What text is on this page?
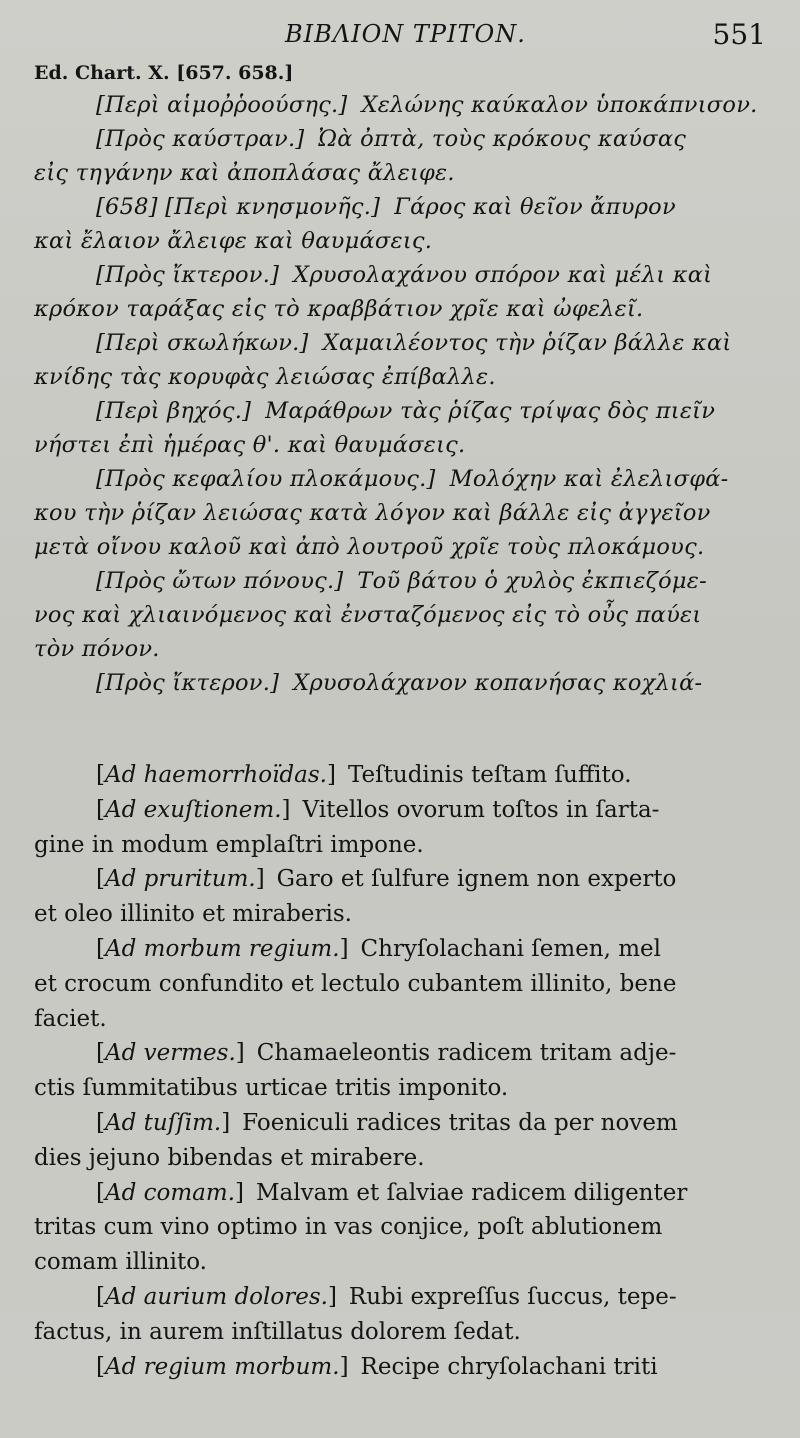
BIBΛΙΟΝ ΤΡΙΤΟΝ.	551
Ed. Chart. X. [657. 658.]

[Περὶ αἱμοῤῥοούσης.] Χελώνης καύκαλον ὑποκάπνισον.

[Πρὸς καύστραν.] Ὠὰ ὀπτὰ, τοὺς κρόκους καύσας

εἰς τηγάνην καὶ ἀποπλάσας ἄλειφε.

[658] [Περὶ κνησμονῆς.] Γάρος καὶ θεῖον ἄπυρον

καὶ ἔλαιον ἄλειφε καὶ θαυμάσεις.

[Πρὸς ἴκτερον.] Χρυσολαχάνου σπόρον καὶ μέλι καὶ

κρόκον ταράξας εἰς τὸ κραββάτιον χρῖε καὶ ὠφελεῖ.

[Περὶ σκωλήκων.] Χαμαιλέοντος τὴν ῥίζαν βάλλε καὶ

κνίδης τὰς κορυφὰς λειώσας ἐπίβαλλε.

[Περὶ βηχός.] Μαράθρων τὰς ῥίζας τρίψας δὸς πιεῖν

νήστει ἐπὶ ἡμέρας θ'. καὶ θαυμάσεις.

[Πρὸς κεφαλίου πλοκάμους.] Μολόχην καὶ ἐλελισφά-

κου τὴν ῥίζαν λειώσας κατὰ λόγον καὶ βάλλε εἰς ἀγγεῖον

μετὰ οἴνου καλοῦ καὶ ἀπὸ λουτροῦ χρῖε τοὺς πλοκάμους.

[Πρὸς ὤτων πόνους.] Τοῦ βάτου ὁ χυλὸς ἐκπιεζόμε-

νος καὶ χλιαινόμενος καὶ ἐνσταζόμενος εἰς τὸ οὖς παύει

τὸν πόνον.

[Πρὸς ἴκτερον.] Χρυσολάχανον κοπανήσας κοχλιά-

[Ad haemorrhoïdas.] Teſtudinis teſtam ſuffito.

[Ad exuſtionem.] Vitellos ovorum toſtos in ſarta-

gine in modum emplaſtri impone.

[Ad pruritum.] Garo et ſulfure ignem non experto

et oleo illinito et miraberis.

[Ad morbum regium.] Chryſolachani ſemen, mel

et crocum confundito et lectulo cubantem illinito, bene

faciet.

[Ad vermes.] Chamaeleontis radicem tritam adje-

ctis ſummitatibus urticae tritis imponito.

[Ad tuſſim.] Foeniculi radices tritas da per novem

dies jejuno bibendas et mirabere.

[Ad comam.] Malvam et ſalviae radicem diligenter

tritas cum vino optimo in vas conjice, poſt ablutionem

comam illinito.

[Ad aurium dolores.] Rubi expreſſus ſuccus, tepe-

factus, in aurem inſtillatus dolorem ſedat.

[Ad regium morbum.] Recipe chryſolachani triti
